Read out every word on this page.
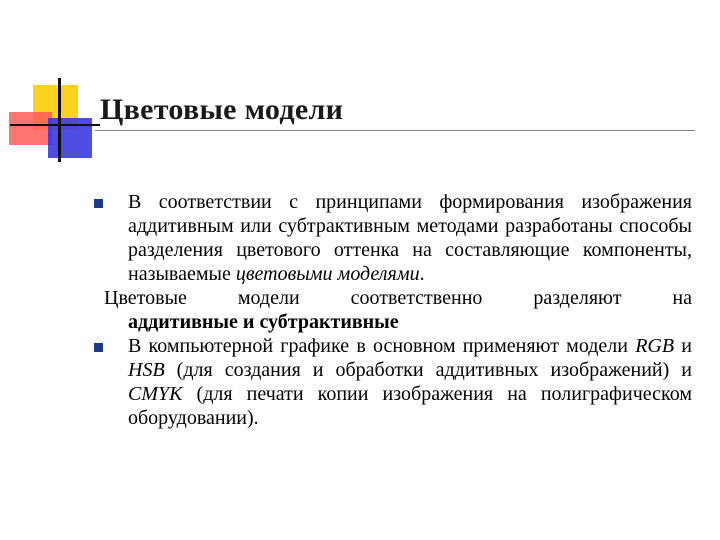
Цветовые модели

В соответствии с принципами формирования изображения аддитивным или субтрактивным методами разработаны способы разделения цветового оттенка на составляющие компоненты, называемые цветовыми моделями.

Цветовые модели соответственно разделяют на

аддитивные и субтрактивные

В компьютерной графике в основном применяют модели RGB и HSB (для создания и обработки аддитивных изображений) и CMYK (для печати копии изображения на полиграфическом оборудовании).
